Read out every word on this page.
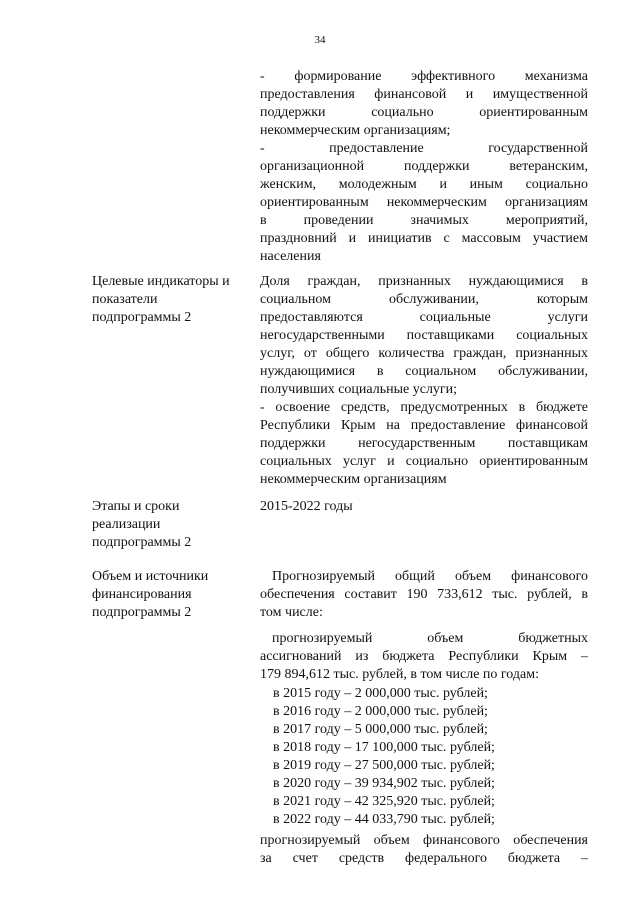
34
- формирование эффективного механизма
предоставления финансовой и имущественной
поддержки социально ориентированным
некоммерческим организациям;
- предоставление государственной
организационной поддержки ветеранским,
женским, молодежным и иным социально
ориентированным некоммерческим организациям
в проведении значимых мероприятий,
праздновний и инициатив с массовым участием
населения
Целевые индикаторы и
показатели
подпрограммы 2
Доля граждан, признанных нуждающимися в
социальном обслуживании, которым
предоставляются социальные услуги
негосударственными поставщиками социальных
услуг, от общего количества граждан, признанных
нуждающимися в социальном обслуживании,
получивших социальные услуги;
- освоение средств, предусмотренных в бюджете
Республики Крым на предоставление финансовой
поддержки негосударственным поставщикам
социальных услуг и социально ориентированным
некоммерческим организациям
Этапы и сроки
реализации
подпрограммы 2
2015-2022 годы
Объем и источники
финансирования
подпрограммы 2
Прогнозируемый общий объем финансового
обеспечения составит 190 733,612 тыс. рублей, в
том числе:
прогнозируемый объем бюджетных
ассигнований из бюджета Республики Крым –
179 894,612 тыс. рублей, в том числе по годам:
в 2015 году – 2 000,000 тыс. рублей;
в 2016 году – 2 000,000 тыс. рублей;
в 2017 году – 5 000,000 тыс. рублей;
в 2018 году – 17 100,000 тыс. рублей;
в 2019 году – 27 500,000 тыс. рублей;
в 2020 году – 39 934,902 тыс. рублей;
в 2021 году – 42 325,920 тыс. рублей;
в 2022 году – 44 033,790 тыс. рублей;
прогнозируемый объем финансового обеспечения
за счет средств федерального бюджета –
